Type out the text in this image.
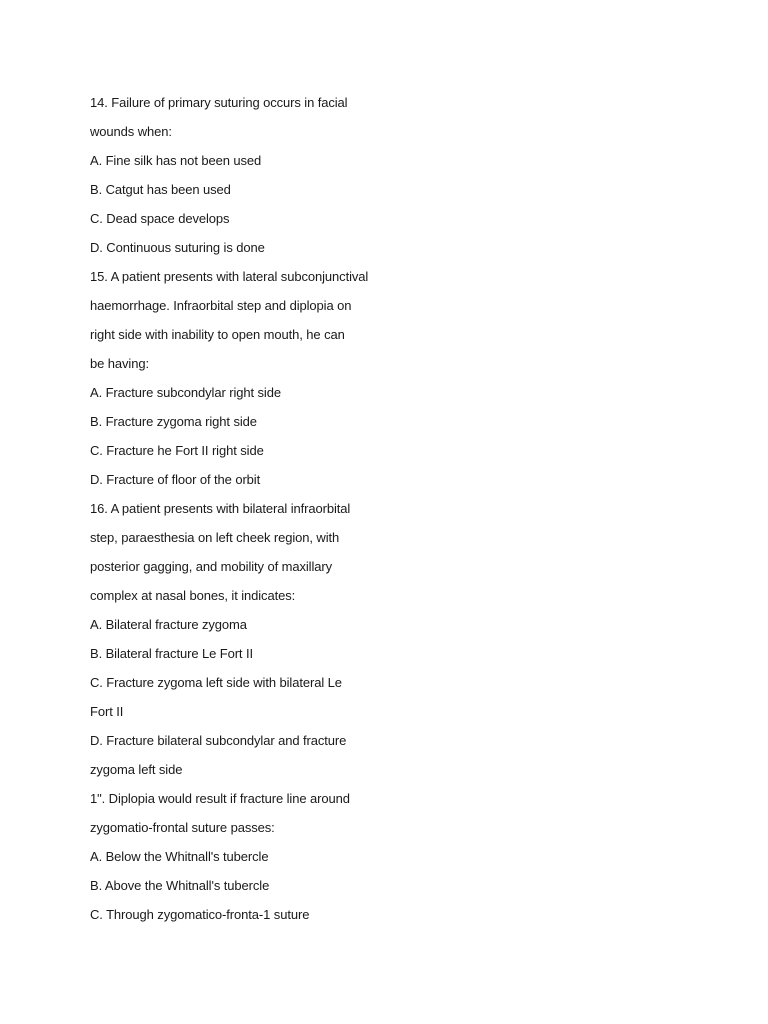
14. Failure of primary suturing occurs in facial
wounds when:
A. Fine silk has not been used
B. Catgut has been used
C. Dead space develops
D. Continuous suturing is done
15. A patient presents with lateral subconjunctival
haemorrhage. Infraorbital step and diplopia on
right side with inability to open mouth, he can
be having:
A. Fracture subcondylar right side
B. Fracture zygoma right side
C. Fracture he Fort II right side
D. Fracture of floor of the orbit
16. A patient presents with bilateral infraorbital
step, paraesthesia on left cheek region, with
posterior gagging, and mobility of maxillary
complex at nasal bones, it indicates:
A. Bilateral fracture zygoma
B. Bilateral fracture Le Fort II
C. Fracture zygoma left side with bilateral Le
Fort II
D. Fracture bilateral subcondylar and fracture
zygoma left side
1". Diplopia would result if fracture line around
zygomatio-frontal suture passes:
A. Below the Whitnall's tubercle
B. Above the Whitnall's tubercle
C. Through zygomatico-fronta-1 suture
